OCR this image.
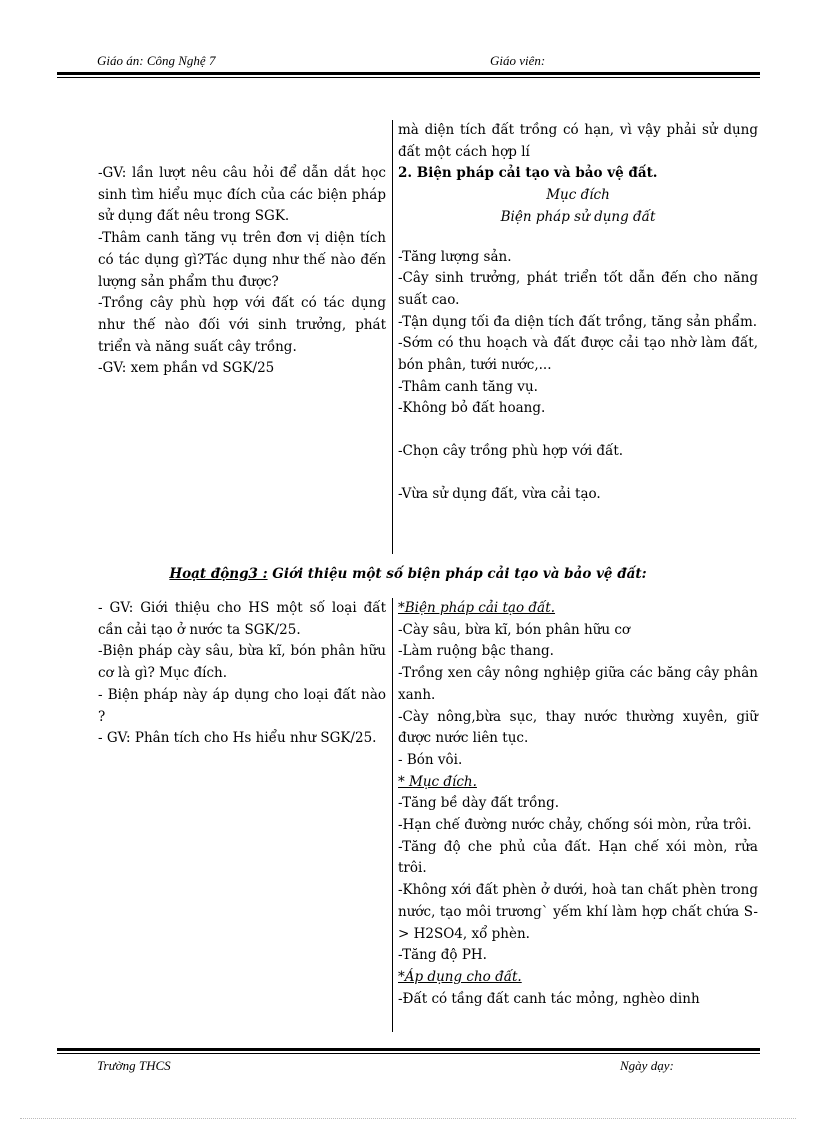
Giáo án: Công Nghệ 7	Giáo viên:

-GV: lần lượt nêu câu hỏi để dẫn dắt học sinh tìm hiểu mục đích của các biện pháp sử dụng đất nêu trong SGK.

-Thâm canh tăng vụ trên đơn vị diện tích có tác dụng gì?Tác dụng như thế nào đến lượng sản phẩm thu được?

-Trồng cây phù hợp với đất có tác dụng như thế nào đối với sinh trưởng, phát triển và năng suất cây trồng.

-GV: xem phần vd SGK/25

mà diện tích đất trồng có hạn, vì vậy phải sử dụng đất một cách hợp lí

2. Biện pháp cải tạo và bảo vệ đất.

Mục đích

Biện pháp sử dụng đất

-Tăng lượng sản.

-Cây sinh trưởng, phát triển tốt dẫn đến cho năng suất cao.

-Tận dụng tối đa diện tích đất trồng, tăng sản phẩm.

-Sớm có thu hoạch và đất được cải tạo nhờ làm đất, bón phân, tưới nước,...

-Thâm canh tăng vụ.

-Không bỏ đất hoang.

-Chọn cây trồng phù hợp với đất.

-Vừa sử dụng đất, vừa cải tạo.

Hoạt động3 : Giới thiệu một số biện pháp cải tạo và bảo vệ đất:

- GV: Giới thiệu cho HS một số loại đất cần cải tạo ở nước ta SGK/25.

-Biện pháp cày sâu, bừa kĩ, bón phân hữu cơ là gì? Mục đích.

- Biện pháp này áp dụng cho loại đất nào ?

- GV: Phân tích cho Hs hiểu như SGK/25.

*Biện pháp cải tạo đất.

-Cày sâu, bừa kĩ, bón phân hữu cơ

-Làm ruộng bậc thang.

-Trồng xen cây nông nghiệp giữa các băng cây phân xanh.

-Cày nông,bừa sục, thay nước thường xuyên, giữ được nước liên tục.

- Bón vôi.

* Mục đích.

-Tăng bề dày đất trồng.

-Hạn chế đường nước chảy, chống sói mòn, rửa trôi.

-Tăng độ che phủ của đất. Hạn chế xói mòn, rửa trôi.

-Không xới đất phèn ở dưới, hoà tan chất phèn trong nước, tạo môi trương` yếm khí làm hợp chất chứa S-> H2SO4, xổ phèn.

-Tăng độ PH.

*Áp dụng cho đất.

-Đất có tầng đất canh tác mỏng, nghèo dinh

Trường THCS	Ngày dạy:
